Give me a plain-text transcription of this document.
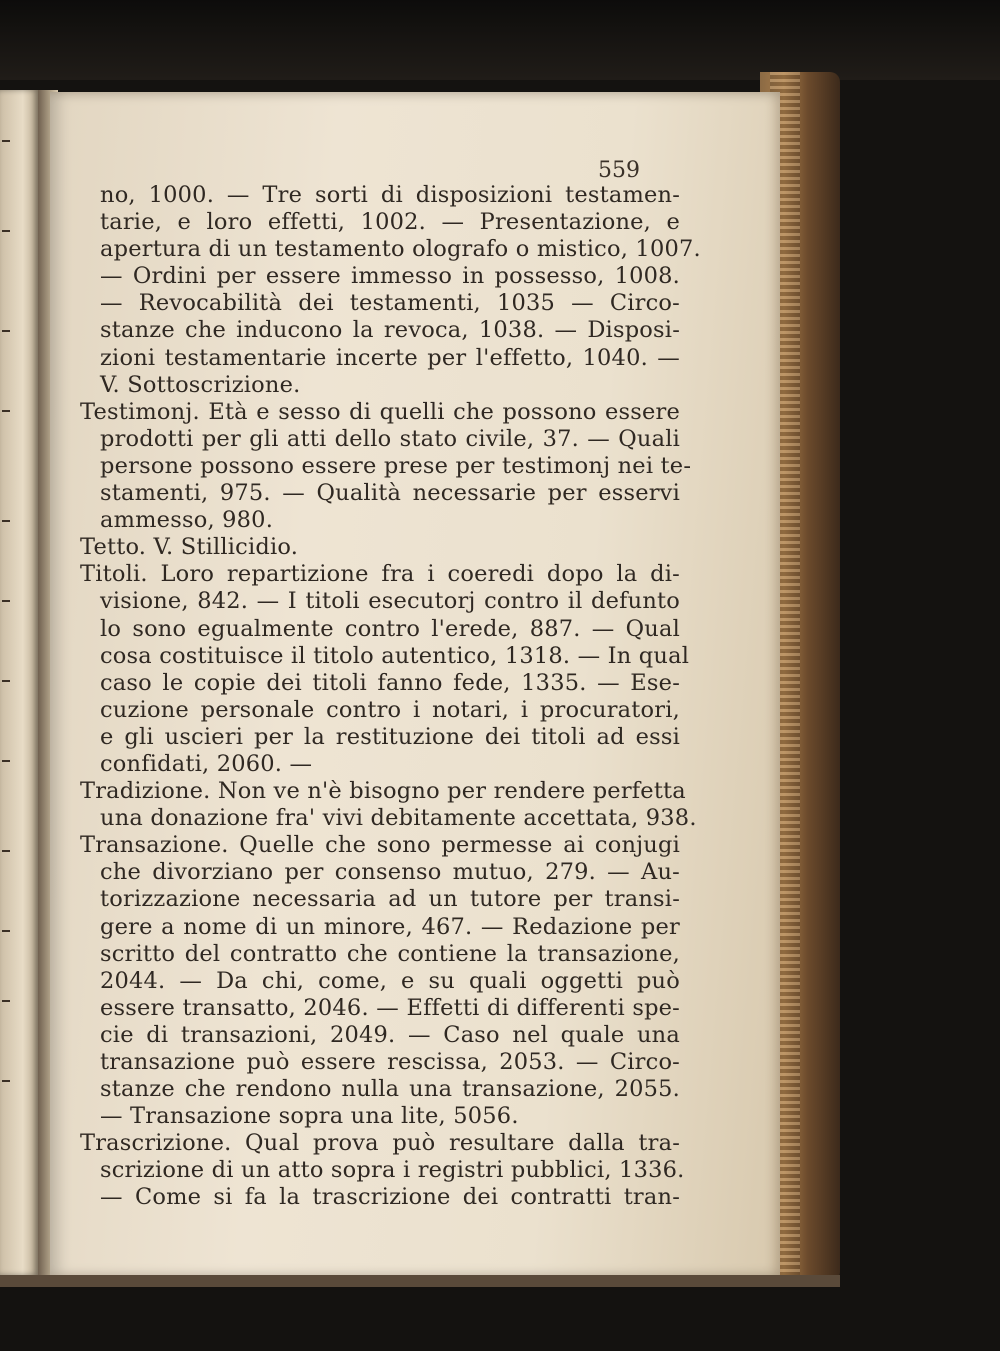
559
no, 1000. — Tre sorti di disposizioni testamen-
tarie, e loro effetti, 1002. — Presentazione, e
apertura di un testamento olografo o mistico, 1007.
— Ordini per essere immesso in possesso, 1008.
— Revocabilità dei testamenti, 1035 — Circo-
stanze che inducono la revoca, 1038. — Disposi-
zioni testamentarie incerte per l'effetto, 1040. —
V. Sottoscrizione.
Testimonj. Età e sesso di quelli che possono essere
prodotti per gli atti dello stato civile, 37. — Quali
persone possono essere prese per testimonj nei te-
stamenti, 975. — Qualità necessarie per esservi
ammesso, 980.
Tetto. V. Stillicidio.
Titoli. Loro repartizione fra i coeredi dopo la di-
visione, 842. — I titoli esecutorj contro il defunto
lo sono egualmente contro l'erede, 887. — Qual
cosa costituisce il titolo autentico, 1318. — In qual
caso le copie dei titoli fanno fede, 1335. — Ese-
cuzione personale contro i notari, i procuratori,
e gli uscieri per la restituzione dei titoli ad essi
confidati, 2060. —
Tradizione. Non ve n'è bisogno per rendere perfetta
una donazione fra' vivi debitamente accettata, 938.
Transazione. Quelle che sono permesse ai conjugi
che divorziano per consenso mutuo, 279. — Au-
torizzazione necessaria ad un tutore per transi-
gere a nome di un minore, 467. — Redazione per
scritto del contratto che contiene la transazione,
2044. — Da chi, come, e su quali oggetti può
essere transatto, 2046. — Effetti di differenti spe-
cie di transazioni, 2049. — Caso nel quale una
transazione può essere rescissa, 2053. — Circo-
stanze che rendono nulla una transazione, 2055.
— Transazione sopra una lite, 5056.
Trascrizione. Qual prova può resultare dalla tra-
scrizione di un atto sopra i registri pubblici, 1336.
— Come si fa la trascrizione dei contratti tran-
